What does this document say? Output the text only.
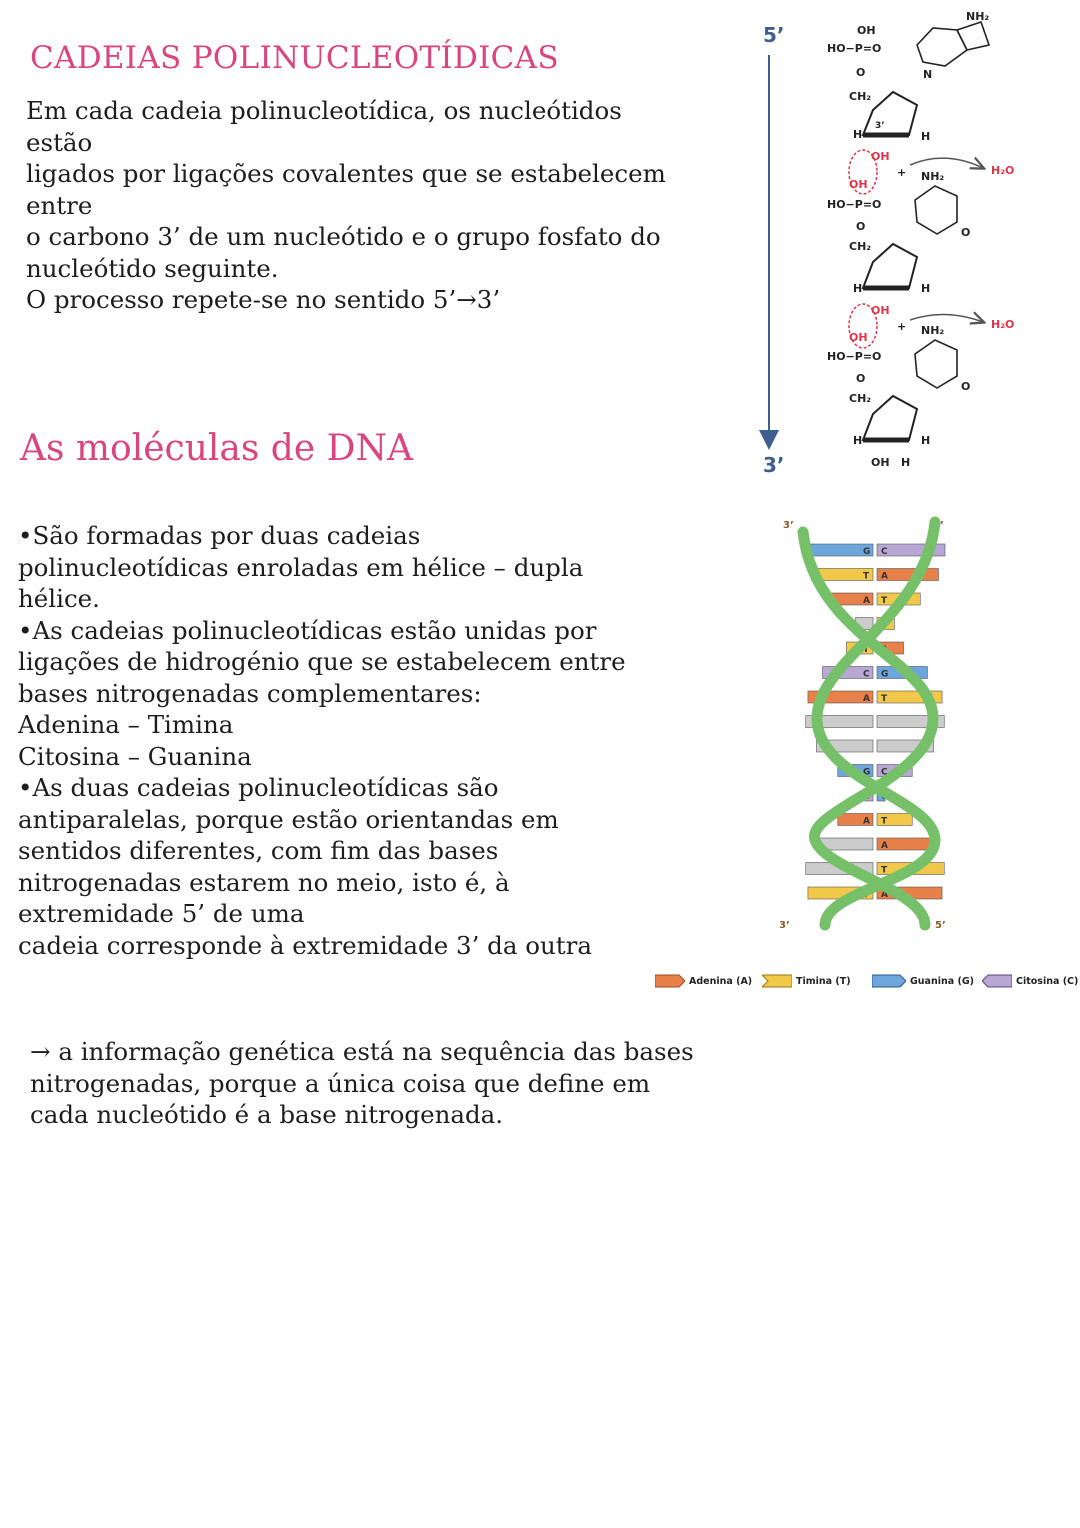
CADEIAS POLINUCLEOTÍDICAS
Em cada cadeia polinucleotídica, os nucleótidos
estão
ligados por ligações covalentes que se estabelecem
entre
o carbono 3’ de um nucleótido e o grupo fosfato do
nucleótido seguinte.
O processo repete-se no sentido 5’→3’
As moléculas de DNA
•São formadas por duas cadeias
polinucleotídicas enroladas em hélice – dupla
hélice.
•As cadeias polinucleotídicas estão unidas por
ligações de hidrogénio que se estabelecem entre
bases nitrogenadas complementares:
Adenina – Timina
Citosina – Guanina
•As duas cadeias polinucleotídicas são
antiparalelas, porque estão orientandas em
sentidos diferentes, com fim das bases
nitrogenadas estarem no meio, isto é, à
extremidade 5’ de uma
cadeia corresponde à extremidade 3’ da outra
→ a informação genética está na sequência das bases
nitrogenadas, porque a única coisa que define em
cada nucleótido é a base nitrogenada.
5’
3’
OH
HO−P=O
O
CH₂
H	H
3’
NH₂
N
OH
H₂O
+
OH
HO−P=O
O
CH₂
H	H
NH₂
O
OH
H₂O
+
OH
HO−P=O
O
CH₂
H	H
OH H
NH₂
O
3’	5’
G C
T A
A T
T
T A
C G
A T
G C
C G
A T
A
T
T A
3’	5’
Adenina (A)	Timina (T)	Guanina (G)	Citosina (C)
